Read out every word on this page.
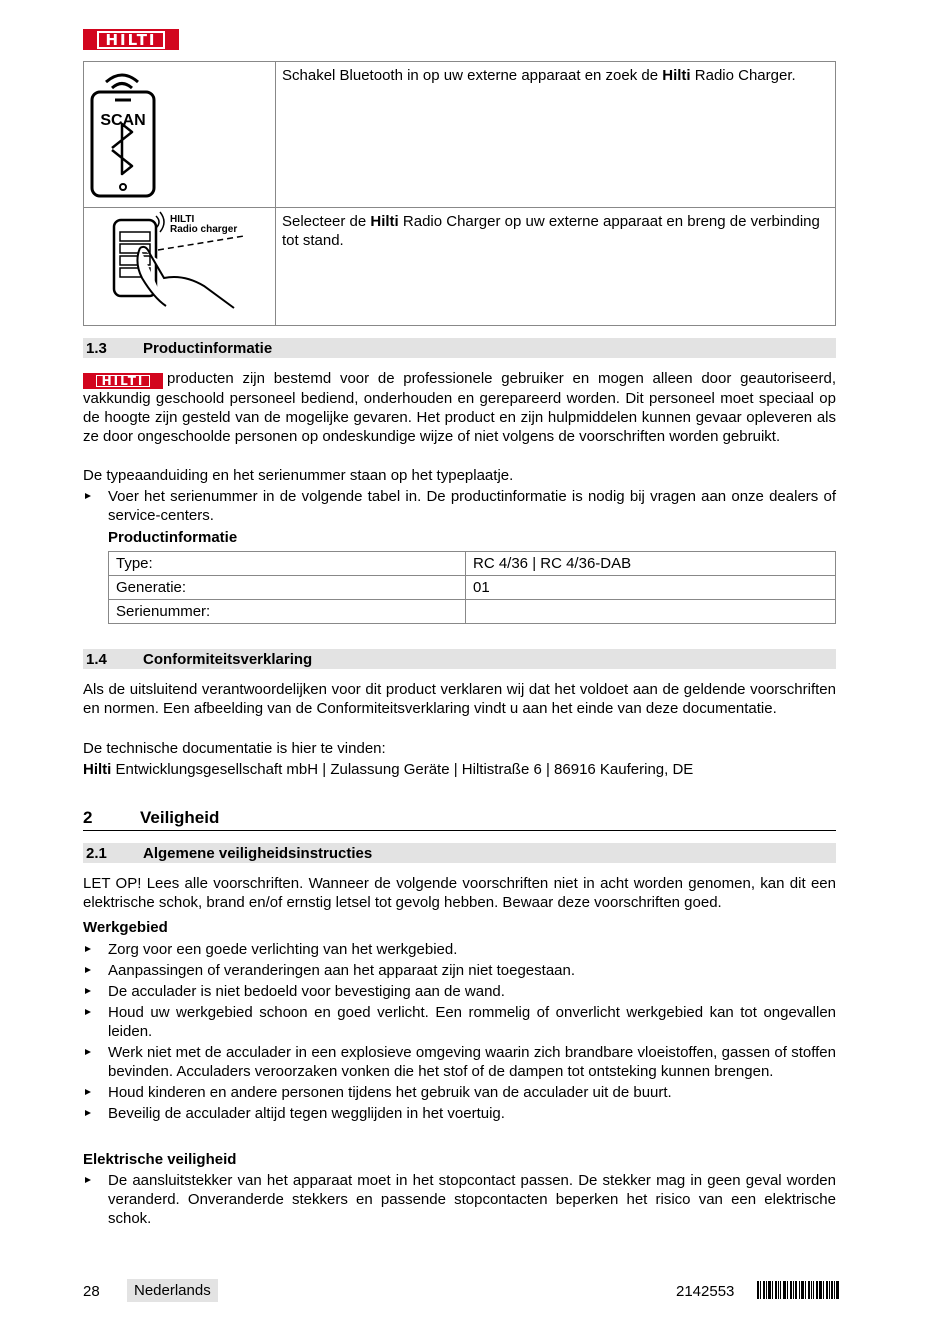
HILTI
SCAN	Schakel Bluetooth in op uw externe apparaat en zoek de Hilti Radio Charger.

HILTI
Radio charger	Selecteer de Hilti Radio Charger op uw externe apparaat en breng de verbinding tot stand.
1.3	Productinformatie
HILTI	producten zijn bestemd voor de professionele gebruiker en mogen alleen door geautoriseerd, vakkundig geschoold personeel bediend, onderhouden en gerepareerd worden. Dit personeel moet speciaal op de hoogte zijn gesteld van de mogelijke gevaren. Het product en zijn hulpmiddelen kunnen gevaar opleveren als ze door ongeschoolde personen op ondeskundige wijze of niet volgens de voorschriften worden gebruikt.
De typeaanduiding en het serienummer staan op het typeplaatje.
Voer het serienummer in de volgende tabel in. De productinformatie is nodig bij vragen aan onze dealers of service-centers.
Productinformatie
Type:	RC 4/36 | RC 4/36-DAB
Generatie:	01
Serienummer:	
1.4	Conformiteitsverklaring
Als de uitsluitend verantwoordelijken voor dit product verklaren wij dat het voldoet aan de geldende voorschriften en normen. Een afbeelding van de Conformiteitsverklaring vindt u aan het einde van deze documentatie.
De technische documentatie is hier te vinden:
Hilti Entwicklungsgesellschaft mbH | Zulassung Geräte | Hiltistraße 6 | 86916 Kaufering, DE
2	Veiligheid
2.1	Algemene veiligheidsinstructies
LET OP! Lees alle voorschriften. Wanneer de volgende voorschriften niet in acht worden genomen, kan dit een elektrische schok, brand en/of ernstig letsel tot gevolg hebben. Bewaar deze voorschriften goed.
Werkgebied
Zorg voor een goede verlichting van het werkgebied.
Aanpassingen of veranderingen aan het apparaat zijn niet toegestaan.
De acculader is niet bedoeld voor bevestiging aan de wand.
Houd uw werkgebied schoon en goed verlicht. Een rommelig of onverlicht werkgebied kan tot ongevallen leiden.
Werk niet met de acculader in een explosieve omgeving waarin zich brandbare vloeistoffen, gassen of stoffen bevinden. Acculaders veroorzaken vonken die het stof of de dampen tot ontsteking kunnen brengen.
Houd kinderen en andere personen tijdens het gebruik van de acculader uit de buurt.
Beveilig de acculader altijd tegen wegglijden in het voertuig.
Elektrische veiligheid
De aansluitstekker van het apparaat moet in het stopcontact passen. De stekker mag in geen geval worden veranderd. Onveranderde stekkers en passende stopcontacten beperken het risico van een elektrische schok.
28	Nederlands	2142553
